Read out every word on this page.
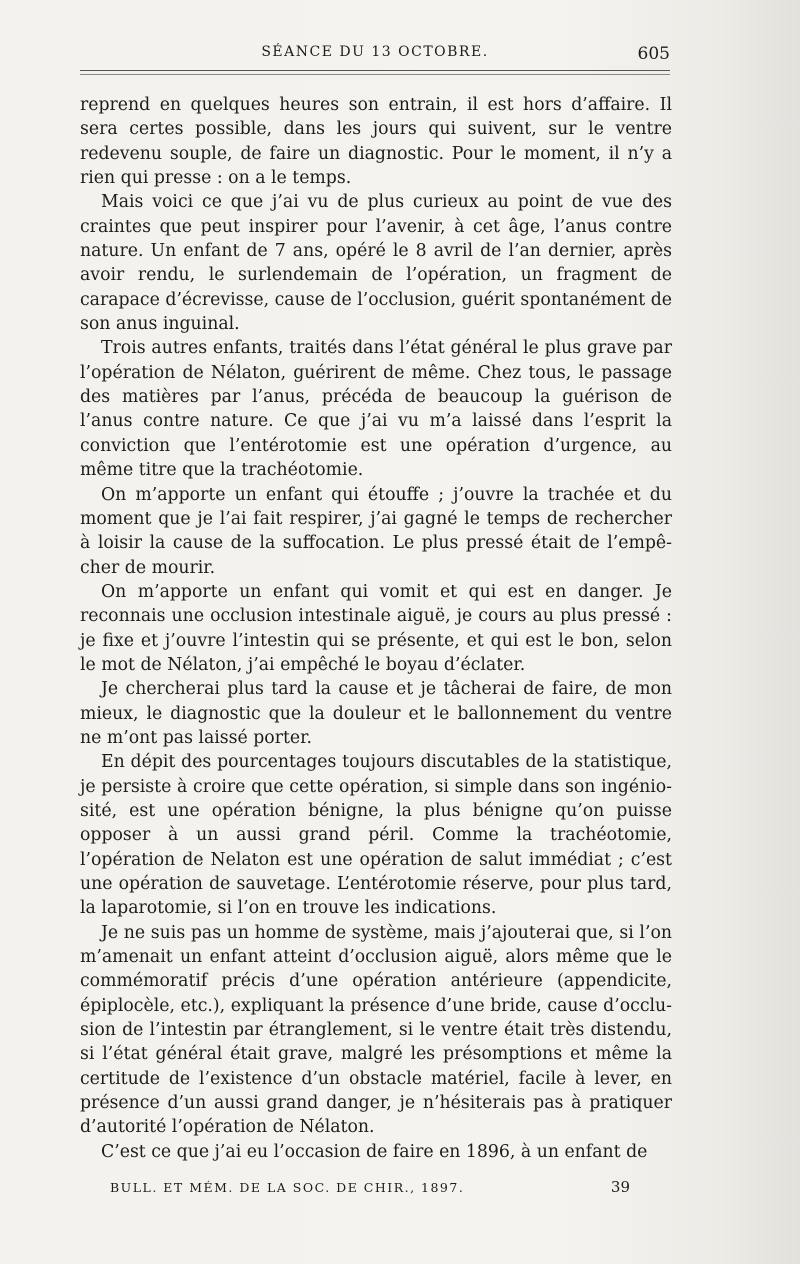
SÉANCE DU 13 OCTOBRE.	605

reprend en quelques heures son entrain, il est hors d’affaire. Il sera certes possible, dans les jours qui suivent, sur le ventre redevenu souple, de faire un diagnostic. Pour le moment, il n’y a rien qui presse : on a le temps.

Mais voici ce que j’ai vu de plus curieux au point de vue des craintes que peut inspirer pour l’avenir, à cet âge, l’anus contre nature. Un enfant de 7 ans, opéré le 8 avril de l’an dernier, après avoir rendu, le surlendemain de l’opération, un fragment de carapace d’écrevisse, cause de l’occlusion, guérit spontanément de son anus inguinal.

Trois autres enfants, traités dans l’état général le plus grave par l’opération de Nélaton, guérirent de même. Chez tous, le passage des matières par l’anus, précéda de beaucoup la guérison de l’anus contre nature. Ce que j’ai vu m’a laissé dans l’esprit la conviction que l’entérotomie est une opération d’urgence, au même titre que la trachéotomie.

On m’apporte un enfant qui étouffe ; j’ouvre la trachée et du moment que je l’ai fait respirer, j’ai gagné le temps de rechercher à loisir la cause de la suffocation. Le plus pressé était de l’empêcher de mourir.

On m’apporte un enfant qui vomit et qui est en danger. Je reconnais une occlusion intestinale aiguë, je cours au plus pressé : je fixe et j’ouvre l’intestin qui se présente, et qui est le bon, selon le mot de Nélaton, j’ai empêché le boyau d’éclater.

Je chercherai plus tard la cause et je tâcherai de faire, de mon mieux, le diagnostic que la douleur et le ballonnement du ventre ne m’ont pas laissé porter.

En dépit des pourcentages toujours discutables de la statistique, je persiste à croire que cette opération, si simple dans son ingéniosité, est une opération bénigne, la plus bénigne qu’on puisse opposer à un aussi grand péril. Comme la trachéotomie, l’opération de Nelaton est une opération de salut immédiat ; c’est une opération de sauvetage. L’entérotomie réserve, pour plus tard, la laparotomie, si l’on en trouve les indications.

Je ne suis pas un homme de système, mais j’ajouterai que, si l’on m’amenait un enfant atteint d’occlusion aiguë, alors même que le commémoratif précis d’une opération antérieure (appendicite, épiplocèle, etc.), expliquant la présence d’une bride, cause d’occlusion de l’intestin par étranglement, si le ventre était très distendu, si l’état général était grave, malgré les présomptions et même la certitude de l’existence d’un obstacle matériel, facile à lever, en présence d’un aussi grand danger, je n’hésiterais pas à pratiquer d’autorité l’opération de Nélaton.

C’est ce que j’ai eu l’occasion de faire en 1896, à un enfant de

BULL. ET MÉM. DE LA SOC. DE CHIR., 1897.	39
